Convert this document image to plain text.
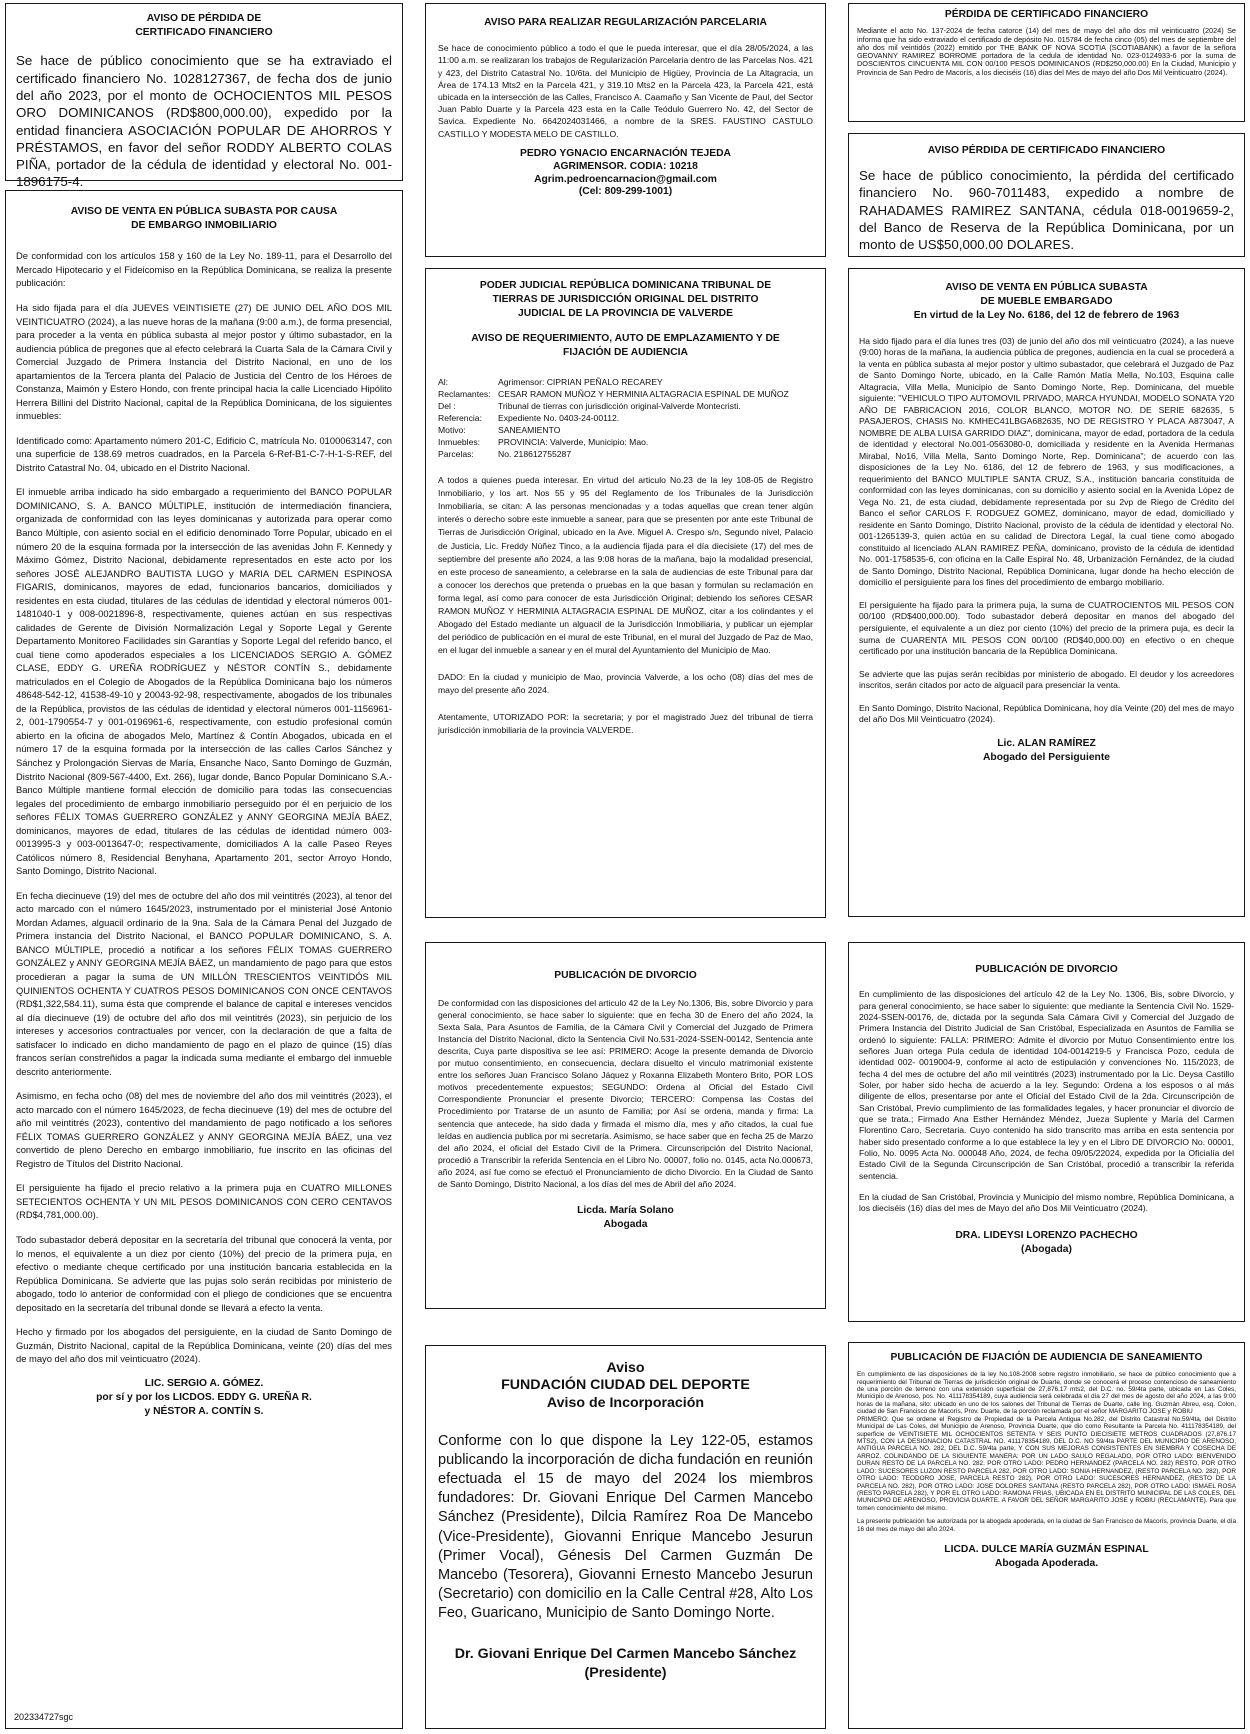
AVISO DE PÉRDIDA DE
CERTIFICADO FINANCIERO
Se hace de público conocimiento que se ha extraviado el certificado financiero No. 1028127367, de fecha dos de junio del año 2023, por el monto de OCHOCIENTOS MIL PESOS ORO DOMINICANOS (RD$800,000.00), expedido por la entidad financiera ASOCIACIÓN POPULAR DE AHORROS Y PRÉSTAMOS, en favor del señor RODDY ALBERTO COLAS PIÑA, portador de la cédula de identidad y electoral No. 001-1896175-4.
AVISO DE VENTA EN PÚBLICA SUBASTA POR CAUSA
DE EMBARGO INMOBILIARIO
De conformidad con los artículos 158 y 160 de la Ley No. 189-11, para el Desarrollo del Mercado Hipotecario y el Fideicomiso en la República Dominicana, se realiza la presente publicación:
Ha sido fijada para el día JUEVES VEINTISIETE (27) DE JUNIO DEL AÑO DOS MIL VEINTICUATRO (2024), a las nueve horas de la mañana (9:00 a.m.), de forma presencial, para proceder a la venta en pública subasta al mejor postor y último subastador, en la audiencia pública de pregones que al efecto celebrará la Cuarta Sala de la Cámara Civil y Comercial Juzgado de Primera Instancia del Distrito Nacional, en uno de los apartamientos de la Tercera planta del Palacio de Justicia del Centro de los Héroes de Constanza, Maimón y Estero Hondo, con frente principal hacia la calle Licenciado Hipólito Herrera Billini del Distrito Nacional, capital de la República Dominicana, de los siguientes inmuebles:
Identificado como: Apartamento número 201-C, Edificio C, matrícula No. 0100063147, con una superficie de 138.69 metros cuadrados, en la Parcela 6-Ref-B1-C-7-H-1-S-REF, del Distrito Catastral No. 04, ubicado en el Distrito Nacional.
El inmueble arriba indicado ha sido embargado a requerimiento del BANCO POPULAR DOMINICANO, S. A. BANCO MÚLTIPLE, institución de intermediación financiera, organizada de conformidad con las leyes dominicanas y autorizada para operar como Banco Múltiple, con asiento social en el edificio denominado Torre Popular, ubicado en el número 20 de la esquina formada por la intersección de las avenidas John F. Kennedy y Máximo Gómez, Distrito Nacional, debidamente representados en este acto por los señores JOSÉ ALEJANDRO BAUTISTA LUGO y MARIA DEL CARMEN ESPINOSA FIGARIS, dominicanos, mayores de edad, funcionarios bancarios, domiciliados y residentes en esta ciudad, titulares de las cédulas de identidad y electoral números 001-1481040-1 y 008-0021896-8, respectivamente, quienes actúan en sus respectivas calidades de Gerente de División Normalización Legal y Soporte Legal y Gerente Departamento Monitoreo Facilidades sin Garantías y Soporte Legal del referido banco, el cual tiene como apoderados especiales a los LICENCIADOS SERGIO A. GÓMEZ CLASE, EDDY G. UREÑA RODRÍGUEZ y NÉSTOR CONTÍN S., debidamente matriculados en el Colegio de Abogados de la República Dominicana bajo los números 48648-542-12, 41538-49-10 y 20043-92-98, respectivamente, abogados de los tribunales de la República, provistos de las cédulas de identidad y electoral números 001-1156961-2, 001-1790554-7 y 001-0196961-6, respectivamente, con estudio profesional común abierto en la oficina de abogados Melo, Martínez & Contín Abogados, ubicada en el número 17 de la esquina formada por la intersección de las calles Carlos Sánchez y Sánchez y Prolongación Siervas de María, Ensanche Naco, Santo Domingo de Guzmán, Distrito Nacional (809-567-4400, Ext. 266), lugar donde, Banco Popular Dominicano S.A.- Banco Múltiple mantiene formal elección de domicilio para todas las consecuencias legales del procedimiento de embargo inmobiliario perseguido por él en perjuicio de los señores FÉLIX TOMAS GUERRERO GONZÁLEZ y ANNY GEORGINA MEJÍA BÁEZ, dominicanos, mayores de edad, titulares de las cédulas de identidad número 003-0013995-3 y 003-0013647-0; respectivamente, domiciliados A la calle Paseo Reyes Católicos número 8, Residencial Benyhana, Apartamento 201, sector Arroyo Hondo, Santo Domingo, Distrito Nacional.
En fecha diecinueve (19) del mes de octubre del año dos mil veintitrés (2023), al tenor del acto marcado con el número 1645/2023, instrumentado por el ministerial José Antonio Mordan Adames, alguacil ordinario de la 9na. Sala de la Cámara Penal del Juzgado de Primera instancia del Distrito Nacional, el BANCO POPULAR DOMINICANO, S. A. BANCO MÚLTIPLE, procedió a notificar a los señores FÉLIX TOMAS GUERRERO GONZÁLEZ y ANNY GEORGINA MEJÍA BÁEZ, un mandamiento de pago para que estos procedieran a pagar la suma de UN MILLÓN TRESCIENTOS VEINTIDÓS MIL QUINIENTOS OCHENTA Y CUATROS PESOS DOMINICANOS CON ONCE CENTAVOS (RD$1,322,584.11), suma ésta que comprende el balance de capital e intereses vencidos al día diecinueve (19) de octubre del año dos mil veintitrés (2023), sin perjuicio de los intereses y accesorios contractuales por vencer, con la declaración de que a falta de satisfacer lo indicado en dicho mandamiento de pago en el plazo de quince (15) días francos serían constreñidos a pagar la indicada suma mediante el embargo del inmueble descrito anteriormente.
Asimismo, en fecha ocho (08) del mes de noviembre del año dos mil veintitrés (2023), el acto marcado con el número 1645/2023, de fecha diecinueve (19) del mes de octubre del año mil veintitrés (2023), contentivo del mandamiento de pago notificado a los señores FÉLIX TOMAS GUERRERO GONZÁLEZ y ANNY GEORGINA MEJÍA BÁEZ, una vez convertido de pleno Derecho en embargo inmobiliario, fue inscrito en las oficinas del Registro de Títulos del Distrito Nacional.
El persiguiente ha fijado el precio relativo a la primera puja en CUATRO MILLONES SETECIENTOS OCHENTA Y UN MIL PESOS DOMINICANOS CON CERO CENTAVOS (RD$4,781,000.00).
Todo subastador deberá depositar en la secretaría del tribunal que conocerá la venta, por lo menos, el equivalente a un diez por ciento (10%) del precio de la primera puja, en efectivo o mediante cheque certificado por una institución bancaria establecida en la República Dominicana. Se advierte que las pujas solo serán recibidas por ministerio de abogado, todo lo anterior de conformidad con el pliego de condiciones que se encuentra depositado en la secretaría del tribunal donde se llevará a efecto la venta.
Hecho y firmado por los abogados del persiguiente, en la ciudad de Santo Domingo de Guzmán, Distrito Nacional, capital de la República Dominicana, veinte (20) días del mes de mayo del año dos mil veinticuatro (2024).
LIC. SERGIO A. GÓMEZ.
por sí y por los LICDOS. EDDY G. UREÑA R.
y NÉSTOR A. CONTÍN S.
202334727sgc
AVISO PARA REALIZAR REGULARIZACIÓN PARCELARIA
Se hace de conocimiento público a todo el que le pueda interesar, que el día 28/05/2024, a las 11:00 a.m. se realizaran los trabajos de Regularización Parcelaria dentro de las Parcelas Nos. 421 y 423, del Distrito Catastral No. 10/6ta. del Municipio de Higüey, Provincia de La Altagracia, un Área de 174.13 Mts2 en la Parcela 421, y 319.10 Mts2 en la Parcela 423, la Parcela 421, está ubicada en la intersección de las Calles, Francisco A. Caamaño y San Vicente de Paul, del Sector Juan Pablo Duarte y la Parcela 423 esta en la Calle Teódulo Guerrero No. 42, del Sector de Savica. Expediente No. 6642024031466, a nombre de la SRES. FAUSTINO CASTULO CASTILLO Y MODESTA MELO DE CASTILLO.
PEDRO YGNACIO ENCARNACIÓN TEJEDA
AGRIMENSOR. CODIA: 10218
Agrim.pedroencarnacion@gmail.com
(Cel: 809-299-1001)
PODER JUDICIAL REPÚBLICA DOMINICANA TRIBUNAL DE
TIERRAS DE JURISDICCIÓN ORIGINAL DEL DISTRITO
JUDICIAL DE LA PROVINCIA DE VALVERDE
AVISO DE REQUERIMIENTO, AUTO DE EMPLAZAMIENTO Y DE
FIJACIÓN DE AUDIENCIA
Al:	Agrimensor: CIPRIAN PEÑALO RECAREY
Reclamantes: CESAR RAMON MUÑOZ Y HERMINIA ALTAGRACIA ESPINAL DE MUÑOZ
Del :	Tribunal de tierras con jurisdicción original-Valverde Montecristi.
Referencia:	Expediente No. 0403-24-00112.
Motivo:	SANEAMIENTO
Inmuebles:	PROVINCIA: Valverde, Municipio: Mao.
Parcelas:	No. 218612755287
A todos a quienes pueda interesar. En virtud del articulo No.23 de la ley 108-05 de Registro Inmobiliario, y los art. Nos 55 y 95 del Reglamento de los Tribunales de la Jurisdicción Inmobiliaria, se citan: A las personas mencionadas y a todas aquellas que crean tener algún interés o derecho sobre este inmueble a sanear, para que se presenten por ante este Tribunal de Tierras de Jurisdicción Original, ubicado en la Ave. Miguel A. Crespo s/n, Segundo nivel, Palacio de Justicia, Lic. Freddy Núñez Tinco, a la audiencia fijada para el día diecisiete (17) del mes de septiembre del presente año 2024, a las 9:08 horas de la mañana, bajo la modalidad presencial, en este proceso de saneamiento, a celebrarse en la sala de audiencias de este Tribunal para dar a conocer los derechos que pretenda o pruebas en la que basan y formulan su reclamación en forma legal, así como para conocer de esta Jurisdicción Original; debiendo los señores CESAR RAMON MUÑOZ Y HERMINIA ALTAGRACIA ESPINAL DE MUÑOZ, citar a los colindantes y el Abogado del Estado mediante un alguacil de la Jurisdicción Inmobiliaria, y publicar un ejemplar del periódico de publicación en el mural de este Tribunal, en el mural del Juzgado de Paz de Mao, en el lugar del inmueble a sanear y en el mural del Ayuntamiento del Municipio de Mao.
DADO: En la ciudad y municipio de Mao, provincia Valverde, a los ocho (08) días del mes de mayo del presente año 2024.
Atentamente, UTORIZADO POR: la secretaria; y por el magistrado Juez del tribunal de tierra jurisdicción inmobiliaria de la provincia VALVERDE.
PUBLICACIÓN DE DIVORCIO
De conformidad con las disposiciones del articulo 42 de la Ley No.1306, Bis, sobre Divorcio y para general conocimiento, se hace saber lo siguiente: que en fecha 30 de Enero del año 2024, la Sexta Sala, Para Asuntos de Familia, de la Cámara Civil y Comercial del Juzgado de Primera Instancia del Distrito Nacional, dicto la Sentencia Civil No.531-2024-SSEN-00142, Sentencia ante descrita, Cuya parte dispositiva se lee así: PRIMERO: Acoge la presente demanda de Divorcio por mutuo consentimiento, en consecuencia, declara disuelto el vinculo matrimonial existente entre los señores Juan Francisco Solano Jáquez y Roxanna Elizabeth Montero Brito, POR LOS motivos precedentemente expuestos; SEGUNDO: Ordena al Oficial del Estado Civil Correspondiente Pronunciar el presente Divorcio; TERCERO: Compensa las Costas del Procedimiento por Tratarse de un asunto de Familia; por Así se ordena, manda y firma: La sentencia que antecede, ha sido dada y firmada el mismo día, mes y año citados, la cual fue leídas en audiencia publica por mi secretaria. Asimismo, se hace saber que en fecha 25 de Marzo del año 2024, el oficial del Estado Civil de la Primera. Circunscripción del Distrito Nacional, procedió a Transcribir la referida Sentencia en el Libro No. 00007, folio no. 0145, acta No.000673, año 2024, así fue como se efectuó el Pronunciamiento de dicho Divorcio. En la Ciudad de Santo de Santo Domingo, Distrito Nacional, a los días del mes de Abril del año 2024.
Licda. María Solano
Abogada
Aviso
FUNDACIÓN CIUDAD DEL DEPORTE
Aviso de Incorporación
Conforme con lo que dispone la Ley 122-05, estamos publicando la incorporación de dicha fundación en reunión efectuada el 15 de mayo del 2024 los miembros fundadores: Dr. Giovani Enrique Del Carmen Mancebo Sánchez (Presidente), Dilcia Ramírez Roa De Mancebo (Vice-Presidente), Giovanni Enrique Mancebo Jesurun (Primer Vocal), Génesis Del Carmen Guzmán De Mancebo (Tesorera), Giovanni Ernesto Mancebo Jesurun (Secretario) con domicilio en la Calle Central #28, Alto Los Feo, Guaricano, Municipio de Santo Domingo Norte.
Dr. Giovani Enrique Del Carmen Mancebo Sánchez
(Presidente)
PÉRDIDA DE CERTIFICADO FINANCIERO
Mediante el acto No. 137-2024 de fecha catorce (14) del mes de mayo del año dos mil veinticuatro (2024) Se informa que ha sido extraviado el certificado de depósito No. 015784 de fecha cinco (05) del mes de septiembre del año dos mil veintidós (2022) emitido por THE BANK OF NOVA SCOTIA (SCOTIABANK) a favor de la señora GEOVANNY RAMIREZ BORROME portadora de la cedula de identidad No. 023-0124933-6 por la suma de DOSCIENTOS CINCUENTA MIL CON 00/100 PESOS DOMINICANOS (RD$250,000.00) En la Ciudad, Municipio y Provincia de San Pedro de Macorís, a los dieciséis (16) días del Mes de mayo del año Dos Mil Veinticuatro (2024).
AVISO PÉRDIDA DE CERTIFICADO FINANCIERO
Se hace de público conocimiento, la pérdida del certificado financiero No. 960-7011483, expedido a nombre de RAHADAMES RAMIREZ SANTANA, cédula 018-0019659-2, del Banco de Reserva de la República Dominicana, por un monto de US$50,000.00 DOLARES.
AVISO DE VENTA EN PÚBLICA SUBASTA
DE MUEBLE EMBARGADO
En virtud de la Ley No. 6186, del 12 de febrero de 1963
Ha sido fijado para el día lunes tres (03) de junio del año dos mil veinticuatro (2024), a las nueve (9:00) horas de la mañana, la audiencia pública de pregones, audiencia en la cual se procederá a la venta en pública subasta al mejor postor y ultimo subastador, que celebrará el Juzgado de Paz de Santo Domingo Norte, ubicado, en la Calle Ramón Matía Mella, No.103, Esquina calle Altagracia, Villa Mella, Municipio de Santo Domingo Norte, Rep. Dominicana, del mueble siguiente: "VEHICULO TIPO AUTOMOVIL PRIVADO, MARCA HYUNDAI, MODELO SONATA Y20 AÑO DE FABRICACION 2016, COLOR BLANCO, MOTOR NO. DE SERIE 682635, 5 PASAJEROS, CHASIS No. KMHEC41LBGA682635, NO DE REGISTRO Y PLACA A873047, A NOMBRE DE ALBA LUISA GARRIDO DIAZ", dominicana, mayor de edad, portadora de la cedula de identidad y electoral No.001-0563080-0, domiciliada y residente en la Avenida Hermanas Mirabal, No16, Villa Mella, Santo Domingo Norte, Rep. Dominicana"; de acuerdo con las disposiciones de la Ley No. 6186, del 12 de febrero de 1963, y sus modificaciones, a requerimiento del BANCO MULTIPLE SANTA CRUZ, S.A., institución bancaria constituida de conformidad con las leyes dominicanas, con su domicilio y asiento social en la Avenida López de Vega No. 21, de esta ciudad, debidamente representada por su 2vp de Riego de Crédito del Banco el señor CARLOS F. RODGUEZ GOMEZ, dominicano, mayor de edad, domiciliado y residente en Santo Domingo, Distrito Nacional, provisto de la cédula de identidad y electoral No. 001-1265139-3, quien actúa en su calidad de Directora Legal, la cual tiene como abogado constituido al licenciado ALAN RAMIREZ PEÑA, dominicano, provisto de la cédula de identidad No. 001-1758535-6, con oficina en la Calle Espiral No. 48, Urbanización Fernández, de la ciudad de Santo Domingo, Distrito Nacional, República Dominicana, lugar donde ha hecho elección de domicilio el persiguiente para los fines del procedimiento de embargo mobiliario.
El persiguiente ha fijado para la primera puja, la suma de CUATROCIENTOS MIL PESOS CON 00/100 (RD$400,000.00). Todo subastador deberá depositar en manos del abogado del persiguiente, el equivalente a un diez por ciento (10%) del precio de la primera puja, es decir la suma de CUARENTA MIL PESOS CON 00/100 (RD$40,000.00) en efectivo o en cheque certificado por una institución bancaria de la República Dominicana.
Se advierte que las pujas serán recibidas por ministerio de abogado. El deudor y los acreedores inscritos, serán citados por acto de alguacil para presenciar la venta.
En Santo Domingo, Distrito Nacional, República Dominicana, hoy día Veinte (20) del mes de mayo del año Dos Mil Veinticuatro (2024).
Lic. ALAN RAMÍREZ
Abogado del Persiguiente
PUBLICACIÓN DE DIVORCIO
En cumplimiento de las disposiciones del artículo 42 de la Ley No. 1306, Bis, sobre Divorcio, y para general conocimiento, se hace saber lo siguiente: que mediante la Sentencia Civil No. 1529-2024-SSEN-00176, de, dictada por la segunda Sala Cámara Civil y Comercial del Juzgado de Primera Instancia del Distrito Judicial de San Cristóbal, Especializada en Asuntos de Familia se ordenó lo siguiente: FALLA: PRIMERO: Admite el divorcio por Mutuo Consentimiento entre los señores Juan ortega Pula cedula de identidad 104-0014219-5 y Francisca Pozo, cedula de identidad 002- 0019004-9, conforme al acto de estipulación y convenciones No. 115/2023, de fecha 4 del mes de octubre del año mil veintitrés (2023) instrumentado por la Lic. Deysa Castillo Soler, por haber sido hecha de acuerdo a la ley. Segundo: Ordena a los esposos o al más diligente de ellos, presentarse por ante el Oficial del Estado Civil de la 2da. Circunscripción de San Cristóbal, Previo cumplimiento de las formalidades legales, y hacer pronunciar el divorcio de que se trata.; Firmado Ana Esther Hernández Méndez, Jueza Suplente y María del Carmen Florentino Caro, Secretaria. Cuyo contenido ha sido transcrito mas arriba en esta sentencia por haber sido presentado conforme a lo que establece la ley y en el Libro DE DIVORCIO No. 00001, Folio, No. 0095 Acta No. 000048 Año, 2024, de fecha 09/05/22024, expedida por la Oficialía del Estado Civil de la Segunda Circunscripción de San Cristóbal, procedió a transcribir la referida sentencia.
En la ciudad de San Cristóbal, Provincia y Municipio del mismo nombre, República Dominicana, a los dieciséis (16) días del mes de Mayo del año Dos Mil Veinticuatro (2024).
DRA. LIDEYSI LORENZO PACHECHO
(Abogada)
PUBLICACIÓN DE FIJACIÓN DE AUDIENCIA DE SANEAMIENTO
En cumplimiento de las disposiciones de la ley No.108-2008 sobre registro inmobiliario, se hace de público conocimiento que a requerimiento del Tribunal de Tierras de jurisdicción original de Duarte, donde se conocerá el proceso contencioso de saneamiento de una porción de terreno con una extensión superficial de 27,876.17 mts2, del D.C. no. 59/4ta parte, ubicada en Las Coles, Municipio de Arenoso, pos. No. 411178354189, cuya audiencia será celebrada el día 27 del mes de agosto del año 2024, a las 9:00 horas de la mañana, sito: ubicado en uno de los salones del Tribunal de Tierras de Duarte, calle Ing. Guzmán Abreu, esq. Colon, ciudad de San Francisco de Macorís, Prov. Duarte, de la porción reclamada por el señor MARGARITO JOSE y ROBIU
PRIMERO: Que se ordene el Registro de Propiedad de la Parcela Antigua No.282, del Distrito Catastral No.59/4ta, del Distrito Municipal de Las Coles, del Municipio de Arenoso, Provincia Duarte, que dio como Resultante la Parcela No. 411178354189, del superficie de VEINTISIETE MIL OCHOCIENTOS SETENTA Y SEIS PUNTO DIECISIETE METROS CUADRADOS (27,876.17 MTS2), CON LA DESIGNACION CATASTRAL NO. 411178354189, DEL D.C. NO 59/4ta PARTE DEL MUNICIPIO DE ARENOSO, ANTIGUA PARCELA NO. 282, DEL D.C. 59/4ta parte, Y CON SUS MEJORAS CONSISTENTES EN SIEMBRA Y COSECHA DE ARROZ. COLINDANDO DE LA SIGUIENTE MANERA: POR UN LADO SAULO REGALADO, POR OTRO LADO: BIENVENIDO DURAN RESTO DE LA PARCELA NO. 282. POR OTRO LADO: PEDRO HERNANDEZ (PARCELA NO. 282) RESTO, POR OTRO LADO: SUCESORES LUZON RESTO PARCELA 282, POR OTRO LADO: SONIA HERNANDEZ, (RESTO PARCELA NO. 282), POR OTRO LADO: TEODORO JOSE, PARCELA RESTO 282), POR OTRO LADO: SUCESORES HERNANDEZ, (RESTO DE LA PARCELA NO. 282), POR OTRO LADO: JOSE DOLORES SANTANA (RESTO PARCELA 282), POR OTRO LADO: ISMAEL ROSA (RESTO PARCELA 282), Y POR EL OTRO LADO: RAMONA FRIAS, UBICADA EN EL DISTRITO MUNICIPAL DE LAS COLES, DEL MUNICIPIO DE ARENOSO, PROVICIA DUARTE. A FAVOR DEL SEÑOR MARGARITO JOSE y ROBIU (RECLAMANTE). Para que tomen conocimiento del mismo.
La presente publicación fue autorizada por la abogada apoderada, en la ciudad de San Francisco de Macorís, provincia Duarte, el día 16 del mes de mayo del año 2024.
LICDA. DULCE MARÍA GUZMÁN ESPINAL
Abogada Apoderada.
